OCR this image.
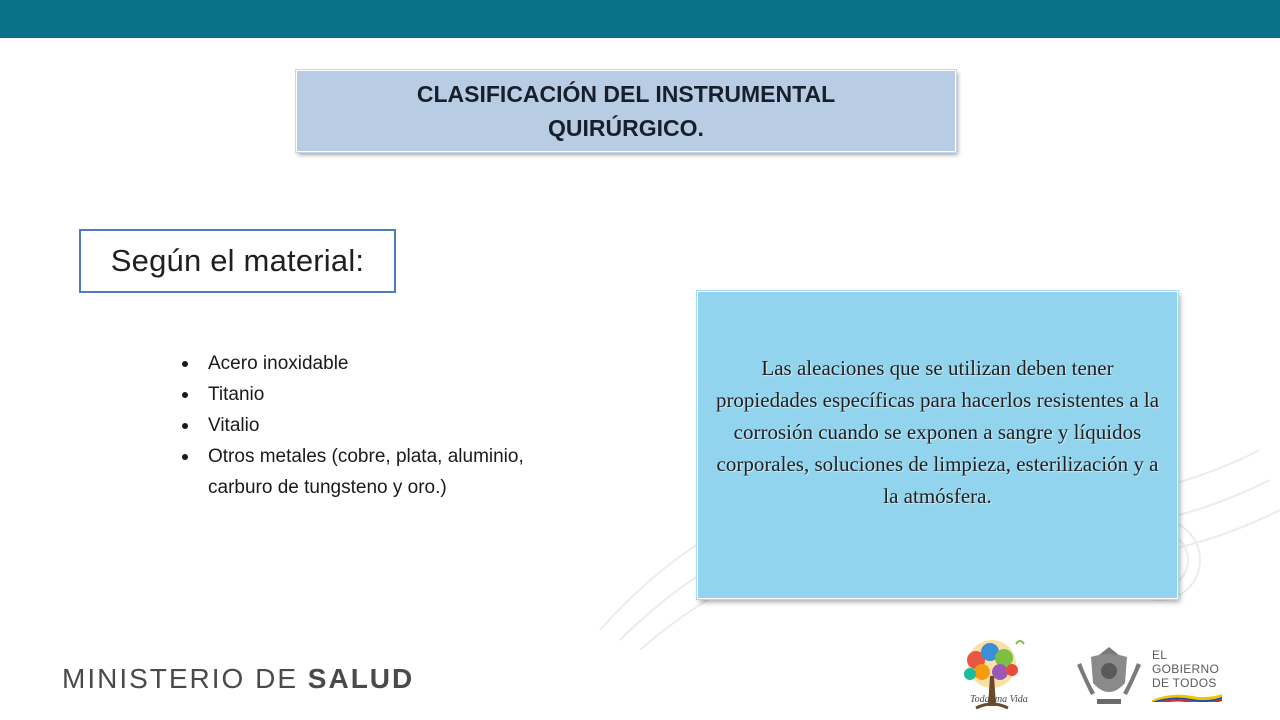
CLASIFICACIÓN DEL INSTRUMENTAL QUIRÚRGICO.
Según el material:
Acero inoxidable
Titanio
Vitalio
Otros metales (cobre, plata, aluminio, carburo de tungsteno y oro.)
Las aleaciones que se utilizan deben tener propiedades específicas para hacerlos resistentes a la corrosión cuando se exponen a sangre y líquidos corporales, soluciones de limpieza, esterilización y a la atmósfera.
MINISTERIO DE SALUD
Toda una Vida
EL
GOBIERNO
DE TODOS
